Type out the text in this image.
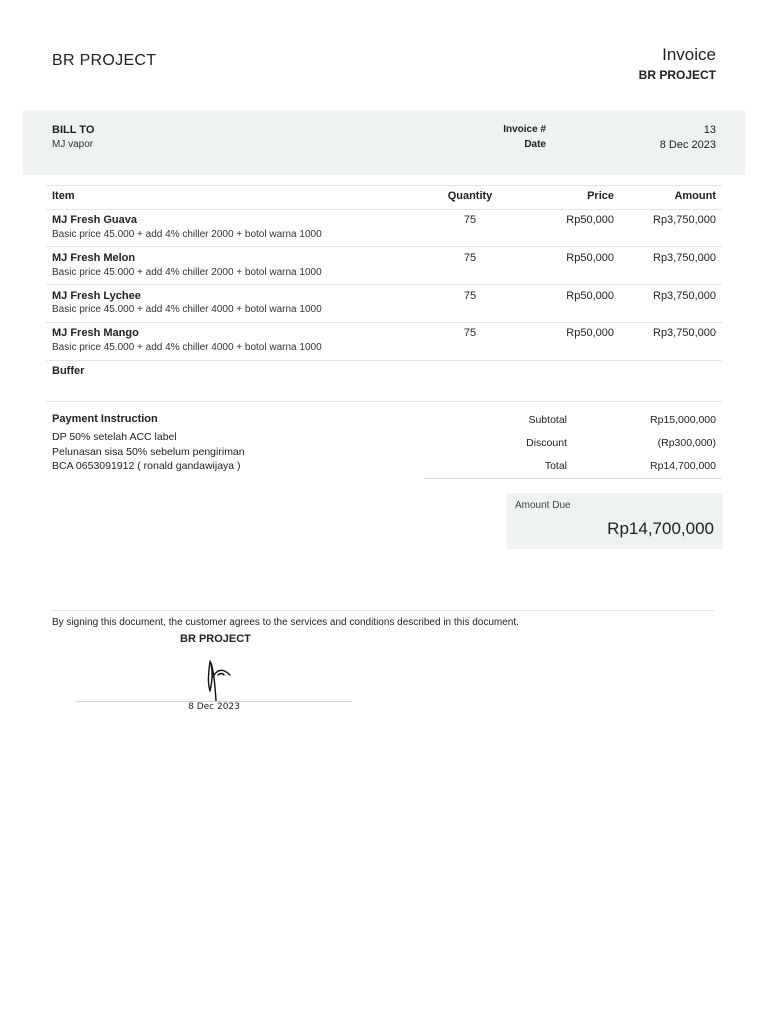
BR PROJECT	Invoice
BR PROJECT
BILL TO
MJ vapor
Invoice #	13
Date	8 Dec 2023
Item	Quantity	Price	Amount
MJ Fresh Guava
Basic price 45.000 + add 4% chiller 2000 + botol warna 1000
75	Rp50,000	Rp3,750,000
MJ Fresh Melon
Basic price 45.000 + add 4% chiller 2000 + botol warna 1000
75	Rp50,000	Rp3,750,000
MJ Fresh Lychee
Basic price 45.000 + add 4% chiller 4000 + botol warna 1000
75	Rp50,000	Rp3,750,000
MJ Fresh Mango
Basic price 45.000 + add 4% chiller 4000 + botol warna 1000
75	Rp50,000	Rp3,750,000
Buffer
Payment Instruction
DP 50% setelah ACC label
Pelunasan sisa 50% sebelum pengiriman
BCA 0653091912 ( ronald gandawijaya )
Subtotal	Rp15,000,000
Discount	(Rp300,000)
Total	Rp14,700,000
Amount Due
Rp14,700,000
By signing this document, the customer agrees to the services and conditions described in this document.
BR PROJECT
8 Dec 2023
